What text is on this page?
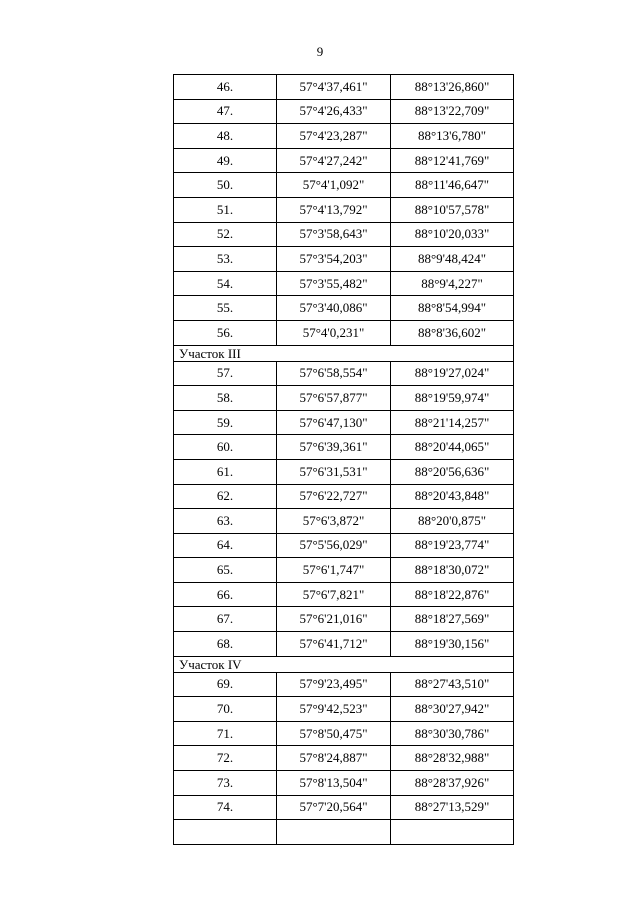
9
46.	57°4'37,461"	88°13'26,860"
47.	57°4'26,433"	88°13'22,709"
48.	57°4'23,287"	88°13'6,780"
49.	57°4'27,242"	88°12'41,769"
50.	57°4'1,092"	88°11'46,647"
51.	57°4'13,792"	88°10'57,578"
52.	57°3'58,643"	88°10'20,033"
53.	57°3'54,203"	88°9'48,424"
54.	57°3'55,482"	88°9'4,227"
55.	57°3'40,086"	88°8'54,994"
56.	57°4'0,231"	88°8'36,602"
Участок III		
57.	57°6'58,554"	88°19'27,024"
58.	57°6'57,877"	88°19'59,974"
59.	57°6'47,130"	88°21'14,257"
60.	57°6'39,361"	88°20'44,065"
61.	57°6'31,531"	88°20'56,636"
62.	57°6'22,727"	88°20'43,848"
63.	57°6'3,872"	88°20'0,875"
64.	57°5'56,029"	88°19'23,774"
65.	57°6'1,747"	88°18'30,072"
66.	57°6'7,821"	88°18'22,876"
67.	57°6'21,016"	88°18'27,569"
68.	57°6'41,712"	88°19'30,156"
Участок IV		
69.	57°9'23,495"	88°27'43,510"
70.	57°9'42,523"	88°30'27,942"
71.	57°8'50,475"	88°30'30,786"
72.	57°8'24,887"	88°28'32,988"
73.	57°8'13,504"	88°28'37,926"
74.	57°7'20,564"	88°27'13,529"
